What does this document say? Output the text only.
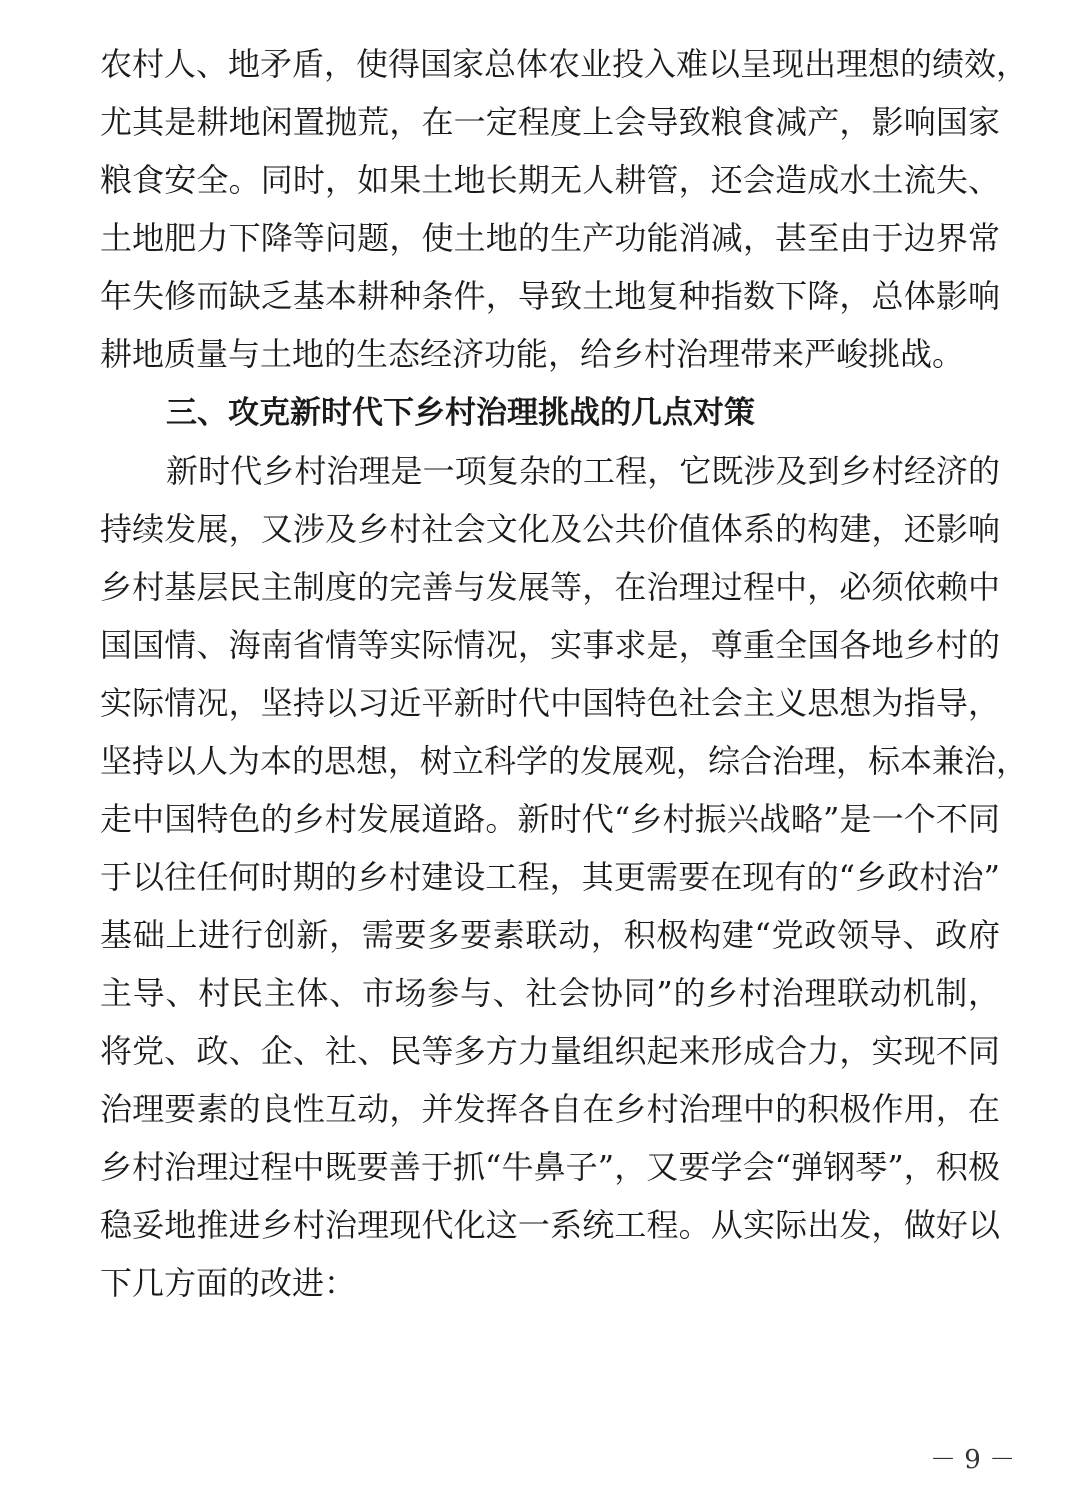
农村人、地矛盾，使得国家总体农业投入难以呈现出理想的绩效，
尤其是耕地闲置抛荒，在一定程度上会导致粮食减产，影响国家
粮食安全。同时，如果土地长期无人耕管，还会造成水土流失、
土地肥力下降等问题，使土地的生产功能消减，甚至由于边界常
年失修而缺乏基本耕种条件，导致土地复种指数下降，总体影响
耕地质量与土地的生态经济功能，给乡村治理带来严峻挑战。
三、攻克新时代下乡村治理挑战的几点对策
新时代乡村治理是一项复杂的工程，它既涉及到乡村经济的
持续发展，又涉及乡村社会文化及公共价值体系的构建，还影响
乡村基层民主制度的完善与发展等，在治理过程中，必须依赖中
国国情、海南省情等实际情况，实事求是，尊重全国各地乡村的
实际情况，坚持以习近平新时代中国特色社会主义思想为指导，
坚持以人为本的思想，树立科学的发展观，综合治理，标本兼治，
走中国特色的乡村发展道路。新时代“乡村振兴战略”是一个不同
于以往任何时期的乡村建设工程，其更需要在现有的“乡政村治”
基础上进行创新，需要多要素联动，积极构建“党政领导、政府
主导、村民主体、市场参与、社会协同”的乡村治理联动机制，
将党、政、企、社、民等多方力量组织起来形成合力，实现不同
治理要素的良性互动，并发挥各自在乡村治理中的积极作用，在
乡村治理过程中既要善于抓“牛鼻子”，又要学会“弹钢琴”，积极
稳妥地推进乡村治理现代化这一系统工程。从实际出发，做好以
下几方面的改进：
－ 9 －
